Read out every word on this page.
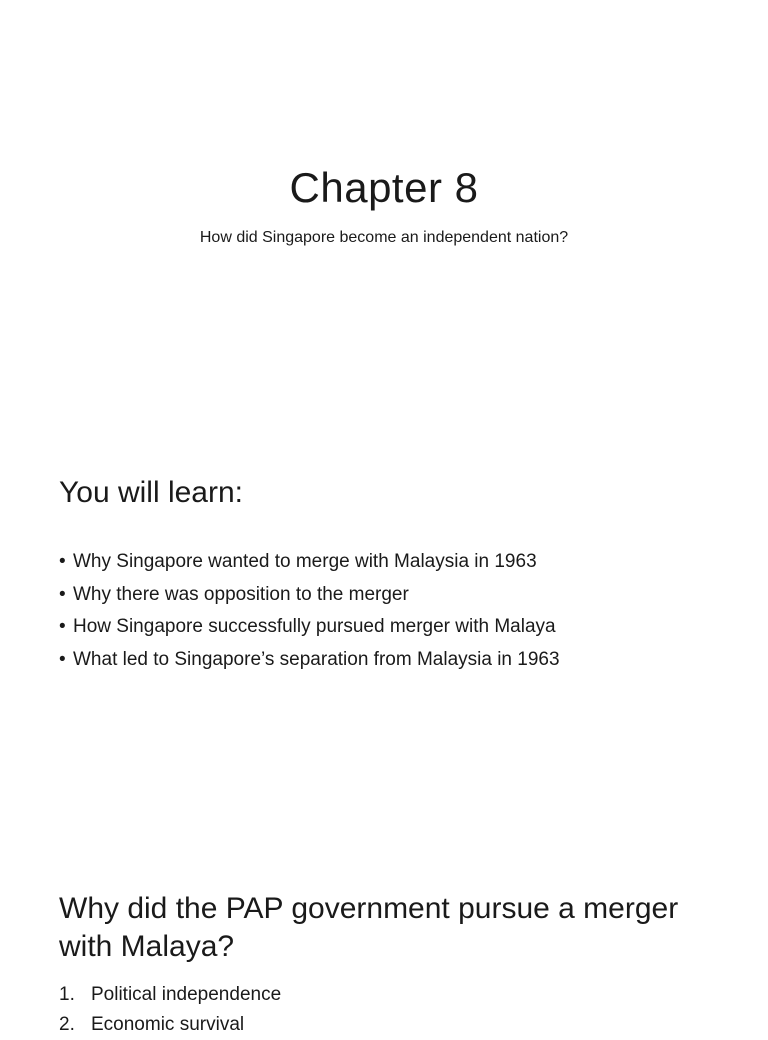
Chapter 8
How did Singapore become an independent nation?
You will learn:
• Why Singapore wanted to merge with Malaysia in 1963
• Why there was opposition to the merger
• How Singapore successfully pursued merger with Malaya
• What led to Singapore’s separation from Malaysia in 1963
Why did the PAP government pursue a merger with Malaya?
1. Political independence
2. Economic survival
